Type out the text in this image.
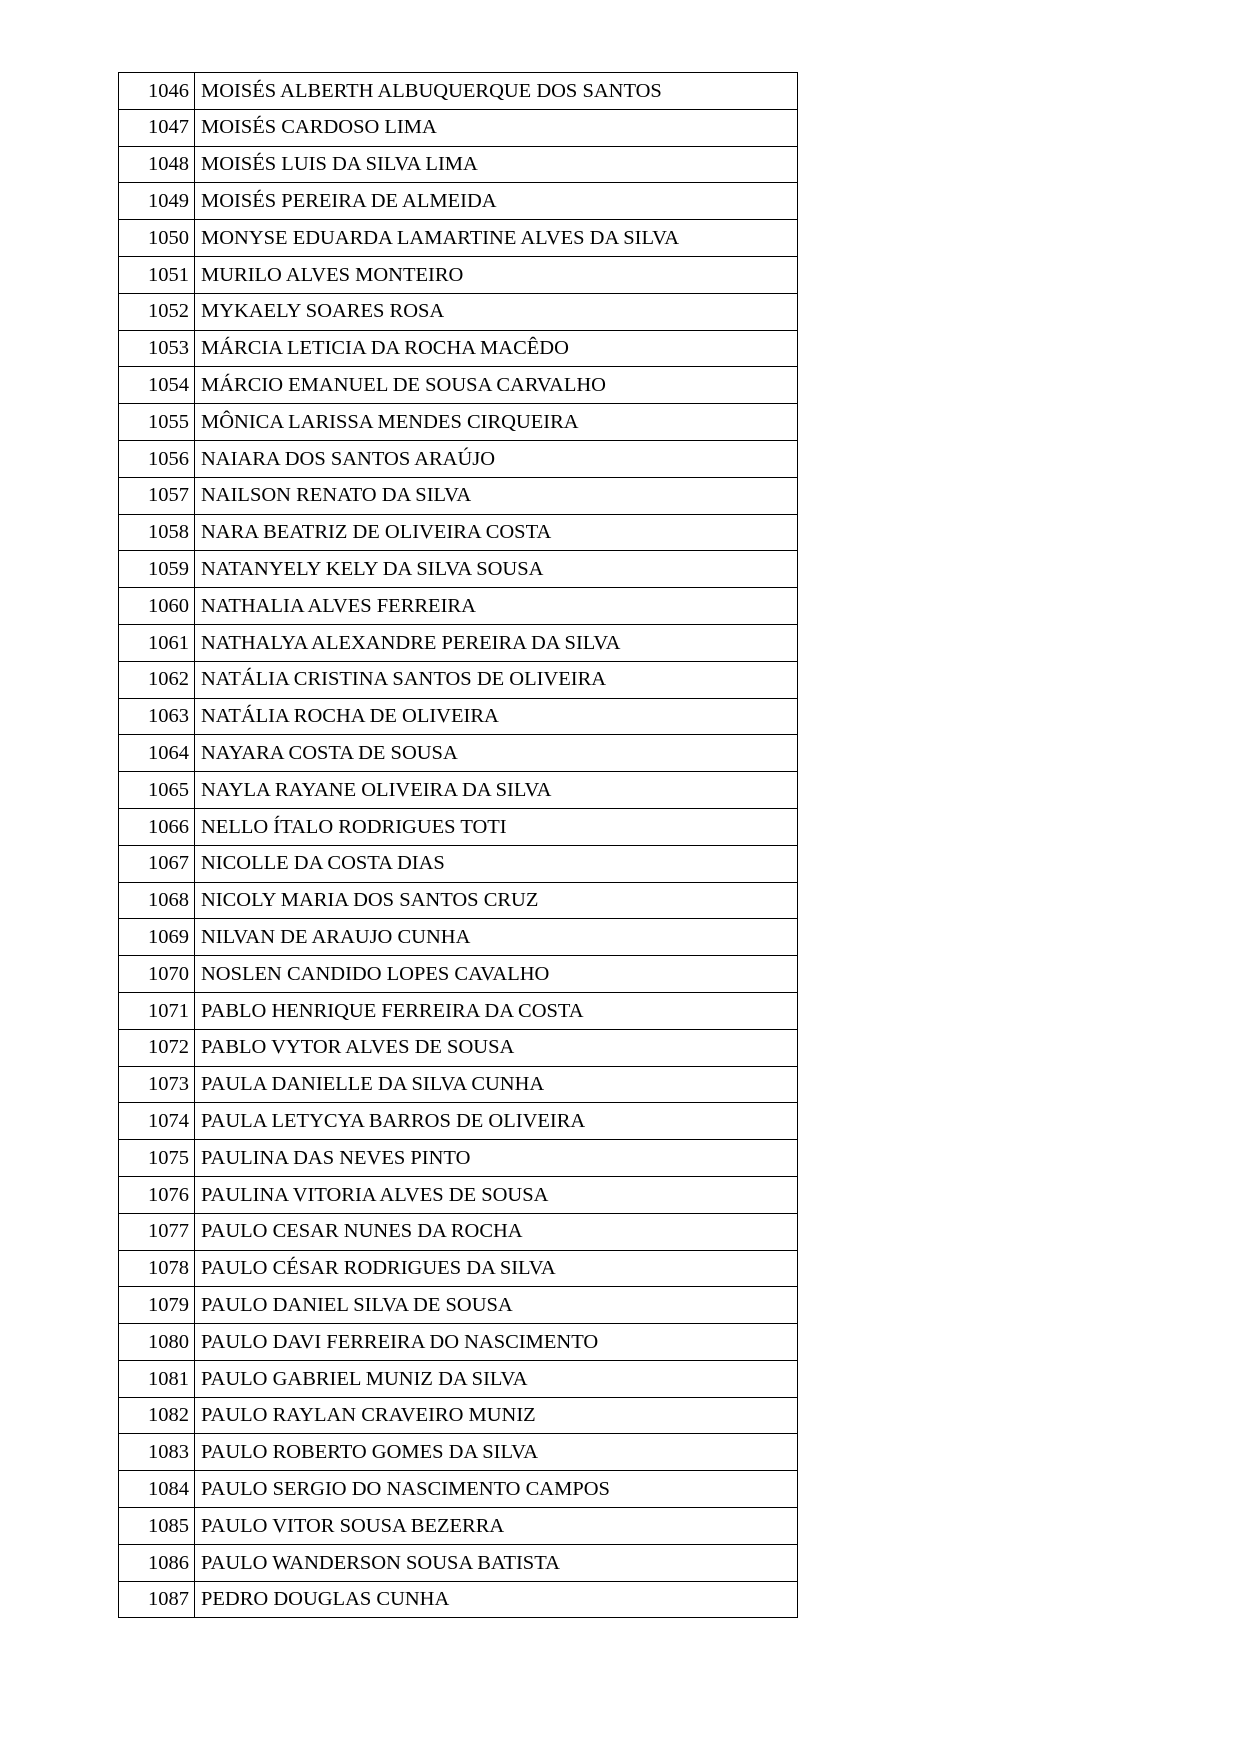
1046	MOISÉS ALBERTH ALBUQUERQUE DOS SANTOS
1047	MOISÉS CARDOSO LIMA
1048	MOISÉS LUIS DA SILVA LIMA
1049	MOISÉS PEREIRA DE ALMEIDA
1050	MONYSE EDUARDA LAMARTINE ALVES DA SILVA
1051	MURILO ALVES MONTEIRO
1052	MYKAELY SOARES ROSA
1053	MÁRCIA LETICIA DA ROCHA MACÊDO
1054	MÁRCIO EMANUEL DE SOUSA CARVALHO
1055	MÔNICA LARISSA MENDES CIRQUEIRA
1056	NAIARA DOS SANTOS ARAÚJO
1057	NAILSON RENATO DA SILVA
1058	NARA BEATRIZ DE OLIVEIRA COSTA
1059	NATANYELY KELY DA SILVA SOUSA
1060	NATHALIA ALVES FERREIRA
1061	NATHALYA ALEXANDRE PEREIRA DA SILVA
1062	NATÁLIA CRISTINA SANTOS DE OLIVEIRA
1063	NATÁLIA ROCHA DE OLIVEIRA
1064	NAYARA COSTA DE SOUSA
1065	NAYLA RAYANE OLIVEIRA DA SILVA
1066	NELLO ÍTALO RODRIGUES TOTI
1067	NICOLLE DA COSTA DIAS
1068	NICOLY MARIA DOS SANTOS CRUZ
1069	NILVAN DE ARAUJO CUNHA
1070	NOSLEN CANDIDO LOPES CAVALHO
1071	PABLO HENRIQUE FERREIRA DA COSTA
1072	PABLO VYTOR ALVES DE SOUSA
1073	PAULA DANIELLE DA SILVA CUNHA
1074	PAULA LETYCYA BARROS DE OLIVEIRA
1075	PAULINA DAS NEVES PINTO
1076	PAULINA VITORIA ALVES DE SOUSA
1077	PAULO CESAR NUNES DA ROCHA
1078	PAULO CÉSAR RODRIGUES DA SILVA
1079	PAULO DANIEL SILVA DE SOUSA
1080	PAULO DAVI FERREIRA DO NASCIMENTO
1081	PAULO GABRIEL MUNIZ DA SILVA
1082	PAULO RAYLAN CRAVEIRO MUNIZ
1083	PAULO ROBERTO GOMES DA SILVA
1084	PAULO SERGIO DO NASCIMENTO CAMPOS
1085	PAULO VITOR SOUSA BEZERRA
1086	PAULO WANDERSON SOUSA BATISTA
1087	PEDRO DOUGLAS CUNHA
